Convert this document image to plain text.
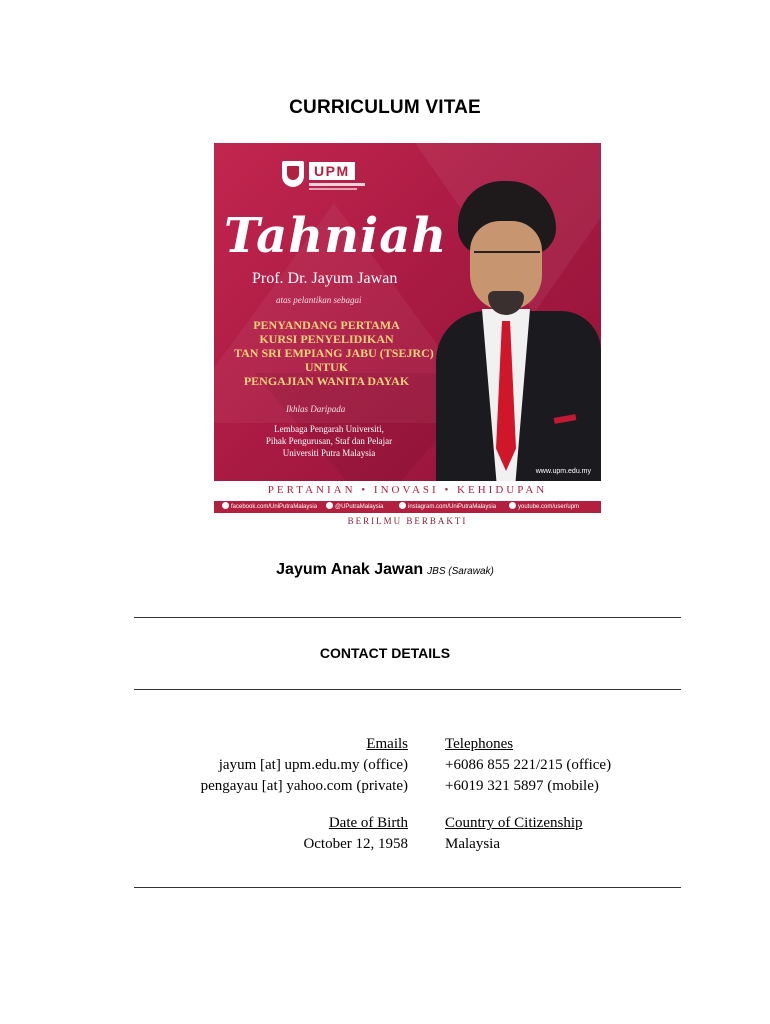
CURRICULUM VITAE
UPM
Tahniah
Prof. Dr. Jayum Jawan
atas pelantikan sebagai
PENYANDANG PERTAMA
KURSI PENYELIDIKAN
TAN SRI EMPIANG JABU (TSEJRC)
UNTUK
PENGAJIAN WANITA DAYAK
Ikhlas Daripada
Lembaga Pengarah Universiti,
Pihak Pengurusan, Staf dan Pelajar
Universiti Putra Malaysia
www.upm.edu.my
PERTANIAN • INOVASI • KEHIDUPAN
facebook.com/UniPutraMalaysia	@UPutraMalaysia	instagram.com/UniPutraMalaysia	youtube.com/user/upm
BERILMU BERBAKTI
Jayum Anak Jawan JBS (Sarawak)
CONTACT DETAILS
Emails
jayum [at] upm.edu.my (office)
pengayau [at] yahoo.com (private)
Telephones
+6086 855 221/215 (office)
+6019 321 5897 (mobile)
Date of Birth
October 12, 1958
Country of Citizenship
Malaysia
